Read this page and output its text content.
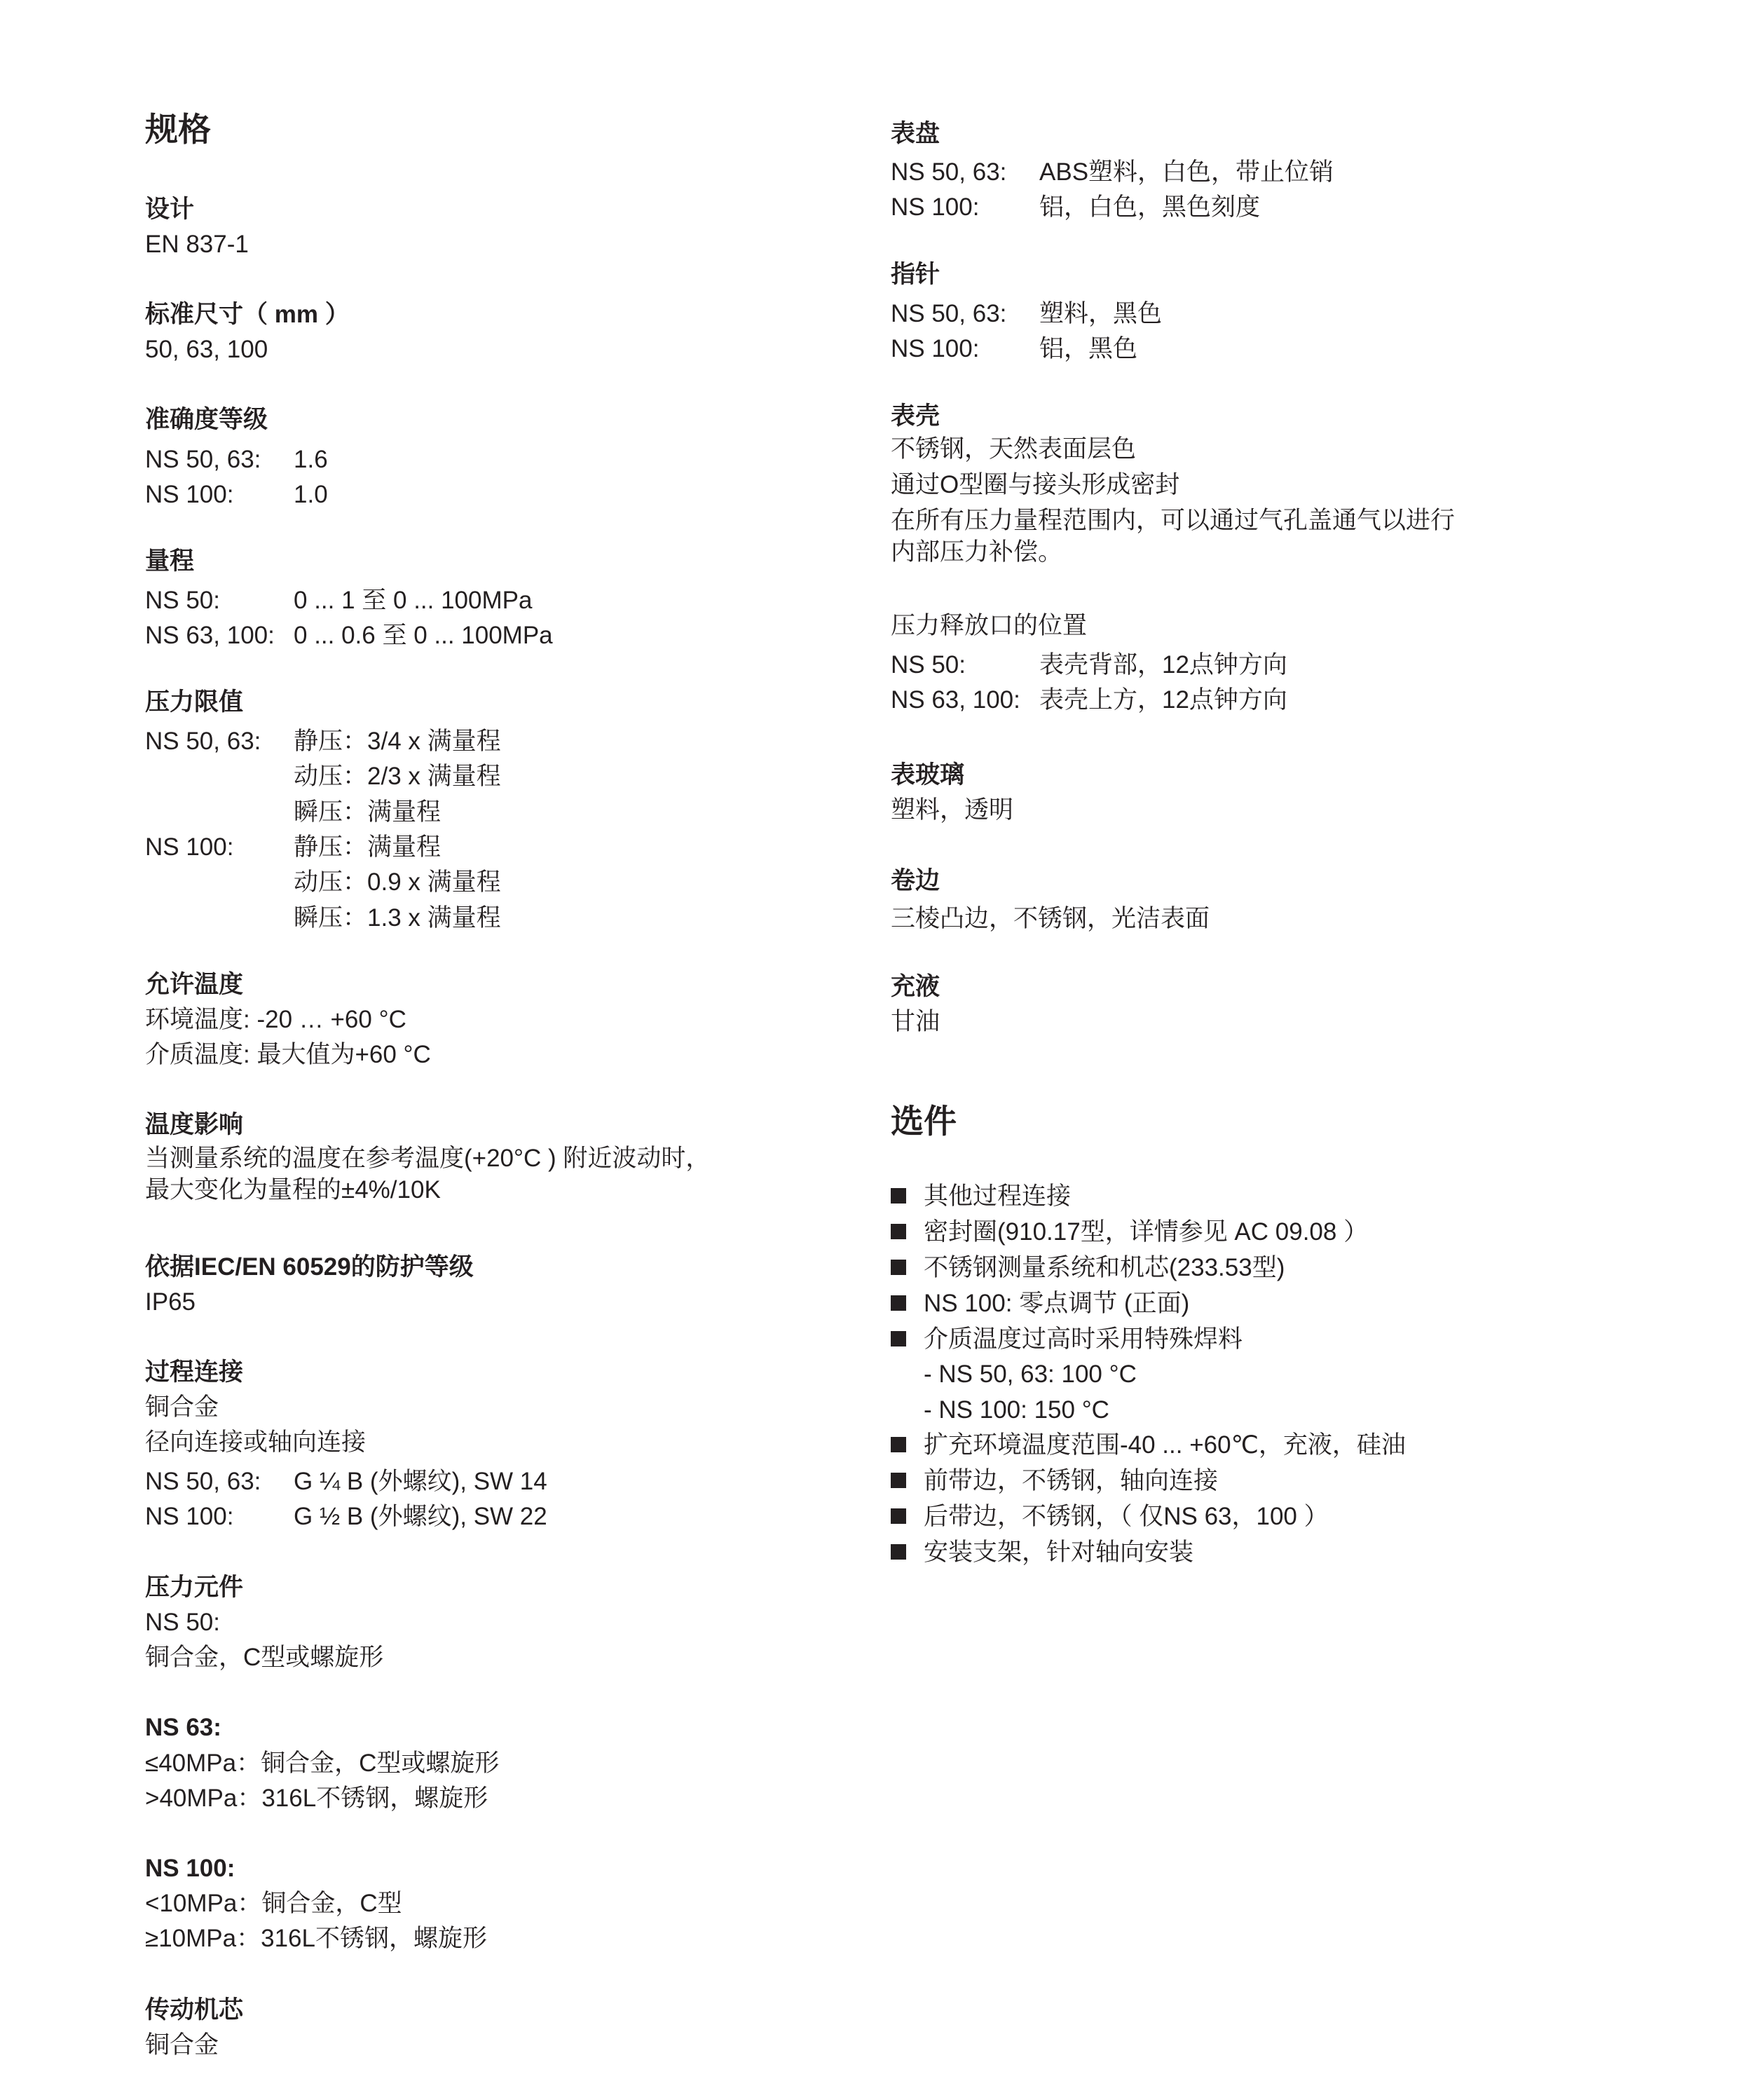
规格
设计
EN 837-1
标准尺寸（ mm ）
50, 63, 100
准确度等级
NS 50, 63: 1.6
NS 100: 1.0
量程
NS 50:	0 ... 1 至 0 ... 100MPa
NS 63, 100: 0 ... 0.6 至 0 ... 100MPa
压力限值
NS 50, 63: 静压：3/4 x 满量程
动压：2/3 x 满量程
瞬压：满量程
NS 100: 静压：满量程
动压：0.9 x 满量程
瞬压：1.3 x 满量程
允许温度
环境温度: -20 … +60 °C
介质温度: 最大值为+60 °C
温度影响
当测量系统的温度在参考温度(+20°C ) 附近波动时，
最大变化为量程的±4%/10K
依据IEC/EN 60529的防护等级
IP65
过程连接
铜合金
径向连接或轴向连接
NS 50, 63: G ¼ B (外螺纹), SW 14
NS 100: G ½ B (外螺纹), SW 22
压力元件
NS 50:
铜合金，C型或螺旋形
NS 63:
≤40MPa：铜合金，C型或螺旋形
>40MPa：316L不锈钢，螺旋形
NS 100:
<10MPa：铜合金，C型
≥10MPa：316L不锈钢，螺旋形
传动机芯
铜合金
表盘
NS 50, 63: ABS塑料，白色，带止位销
NS 100: 铝，白色，黑色刻度
指针
NS 50, 63: 塑料，黑色
NS 100: 铝，黑色
表壳
不锈钢，天然表面层色
通过O型圈与接头形成密封
在所有压力量程范围内，可以通过气孔盖通气以进行
内部压力补偿。
压力释放口的位置
NS 50:	表壳背部，12点钟方向
NS 63, 100: 表壳上方，12点钟方向
表玻璃
塑料，透明
卷边
三棱凸边，不锈钢，光洁表面
充液
甘油
选件
其他过程连接
密封圈(910.17型，详情参见 AC 09.08 ）
不锈钢测量系统和机芯(233.53型)
NS 100: 零点调节 (正面)
介质温度过高时采用特殊焊料
- NS 50, 63: 100 °C
- NS 100: 150 °C
扩充环境温度范围-40 ... +60℃，充液，硅油
前带边，不锈钢，轴向连接
后带边，不锈钢，（ 仅NS 63，100 ）
安装支架，针对轴向安装
